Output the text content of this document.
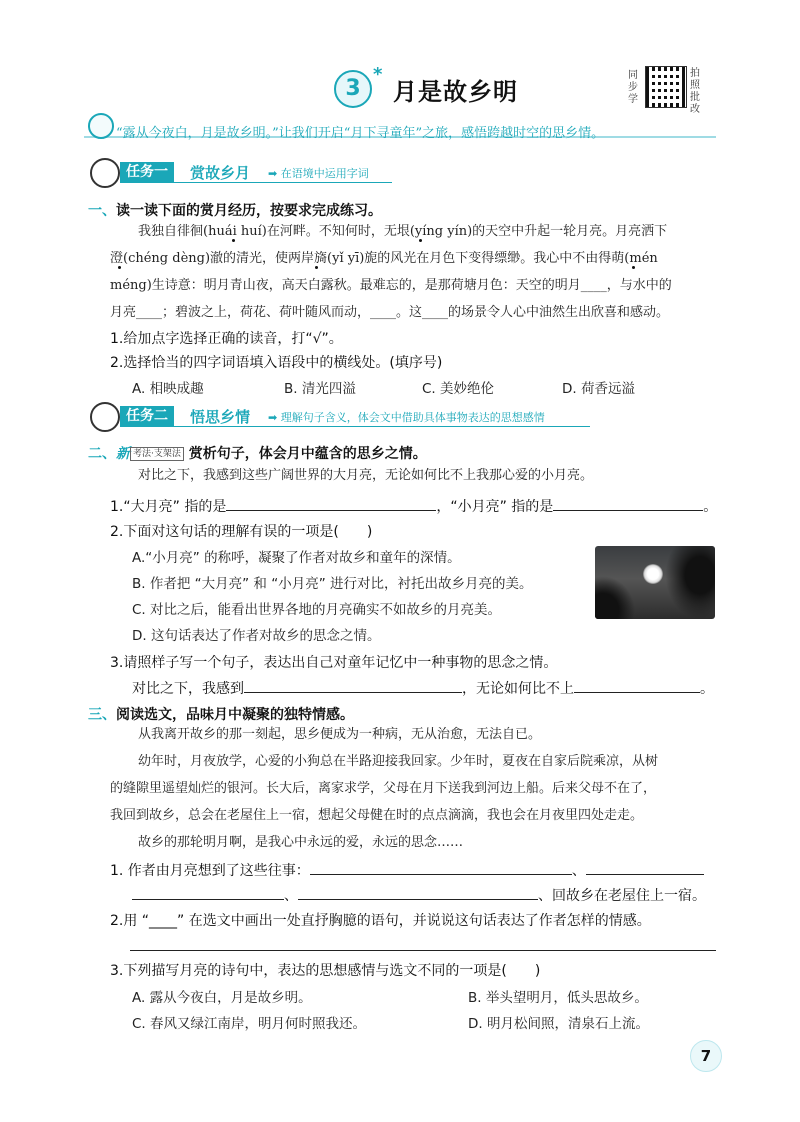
3
*
月是故乡明
同步学
拍照批改
“露从今夜白，月是故乡明。”让我们开启“月下寻童年”之旅，感悟跨越时空的思乡情。
任务一	赏故乡月 ➡ 在语境中运用字词
一、读一读下面的赏月经历，按要求完成练习。
我独自徘徊(huái huí)在河畔。不知何时，无垠(yíng yín)的天空中升起一轮月亮。月亮洒下
澄(chéng dèng)澈的清光，使两岸旖(yǐ yī)旎的风光在月色下变得缥缈。我心中不由得萌(mén
méng)生诗意：明月青山夜，高天白露秋。最难忘的，是那荷塘月色：天空的明月____，与水中的
月亮____；碧波之上，荷花、荷叶随风而动，____。这____的场景令人心中油然生出欣喜和感动。
1.给加点字选择正确的读音，打“√”。
2.选择恰当的四字词语填入语段中的横线处。(填序号)
A. 相映成趣	B. 清光四溢	C. 美妙绝伦	D. 荷香远溢
任务二	悟思乡情 ➡ 理解句子含义，体会文中借助具体事物表达的思想感情
二、新 考法·支架法 赏析句子，体会月中蕴含的思乡之情。
对比之下，我感到这些广阔世界的大月亮，无论如何比不上我那心爱的小月亮。
1.“大月亮” 指的是	，“小月亮” 指的是	。
2.下面对这句话的理解有误的一项是(　　)
A.“小月亮” 的称呼，凝聚了作者对故乡和童年的深情。
B. 作者把 “大月亮” 和 “小月亮” 进行对比，衬托出故乡月亮的美。
C. 对比之后，能看出世界各地的月亮确实不如故乡的月亮美。
D. 这句话表达了作者对故乡的思念之情。
3.请照样子写一个句子，表达出自己对童年记忆中一种事物的思念之情。
对比之下，我感到	，无论如何比不上	。
三、阅读选文，品味月中凝聚的独特情感。
从我离开故乡的那一刻起，思乡便成为一种病，无从治愈，无法自已。
幼年时，月夜放学，心爱的小狗总在半路迎接我回家。少年时，夏夜在自家后院乘凉，从树
的缝隙里遥望灿烂的银河。长大后，离家求学，父母在月下送我到河边上船。后来父母不在了，
我回到故乡，总会在老屋住上一宿，想起父母健在时的点点滴滴，我也会在月夜里四处走走。
故乡的那轮明月啊，是我心中永远的爱，永远的思念……
1. 作者由月亮想到了这些往事：	、
、	、回故乡在老屋住上一宿。
2.用 “____” 在选文中画出一处直抒胸臆的语句，并说说这句话表达了作者怎样的情感。
3.下列描写月亮的诗句中，表达的思想感情与选文不同的一项是(　　)
A. 露从今夜白，月是故乡明。	B. 举头望明月，低头思故乡。
C. 春风又绿江南岸，明月何时照我还。	D. 明月松间照，清泉石上流。
7
